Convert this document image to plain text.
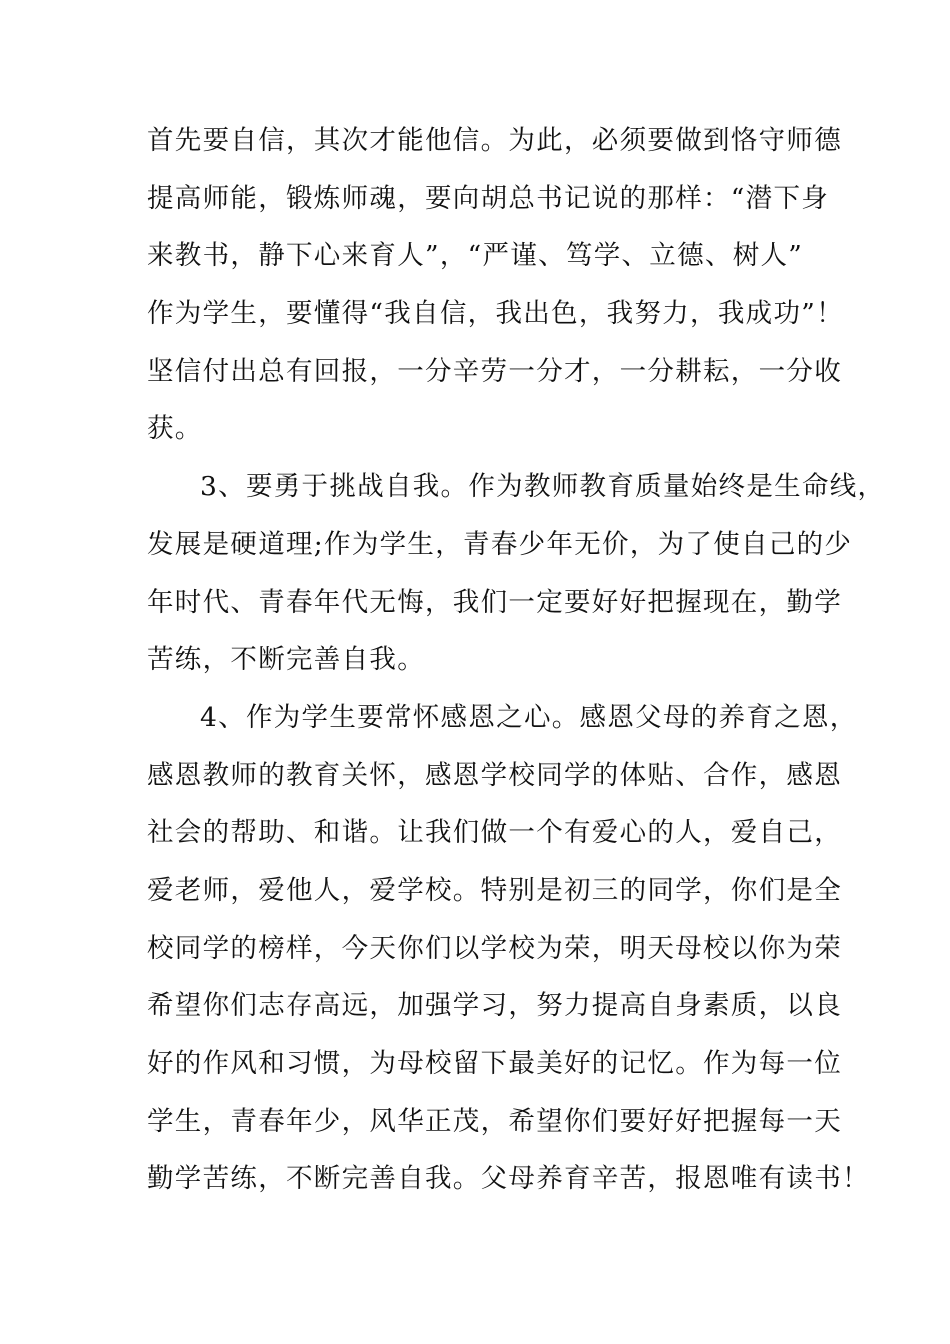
首先要自信，其次才能他信。为此，必须要做到恪守师德
提高师能，锻炼师魂，要向胡总书记说的那样：“潜下身
来教书，静下心来育人”，“严谨、笃学、立德、树人”
作为学生，要懂得“我自信，我出色，我努力，我成功”！
坚信付出总有回报，一分辛劳一分才，一分耕耘，一分收
获。
3、要勇于挑战自我。作为教师教育质量始终是生命线，
发展是硬道理;作为学生，青春少年无价，为了使自己的少
年时代、青春年代无悔，我们一定要好好把握现在，勤学
苦练，不断完善自我。
4、作为学生要常怀感恩之心。感恩父母的养育之恩，
感恩教师的教育关怀，感恩学校同学的体贴、合作，感恩
社会的帮助、和谐。让我们做一个有爱心的人，爱自己，
爱老师，爱他人，爱学校。特别是初三的同学，你们是全
校同学的榜样，今天你们以学校为荣，明天母校以你为荣
希望你们志存高远，加强学习，努力提高自身素质，以良
好的作风和习惯，为母校留下最美好的记忆。作为每一位
学生，青春年少，风华正茂，希望你们要好好把握每一天
勤学苦练，不断完善自我。父母养育辛苦，报恩唯有读书！
